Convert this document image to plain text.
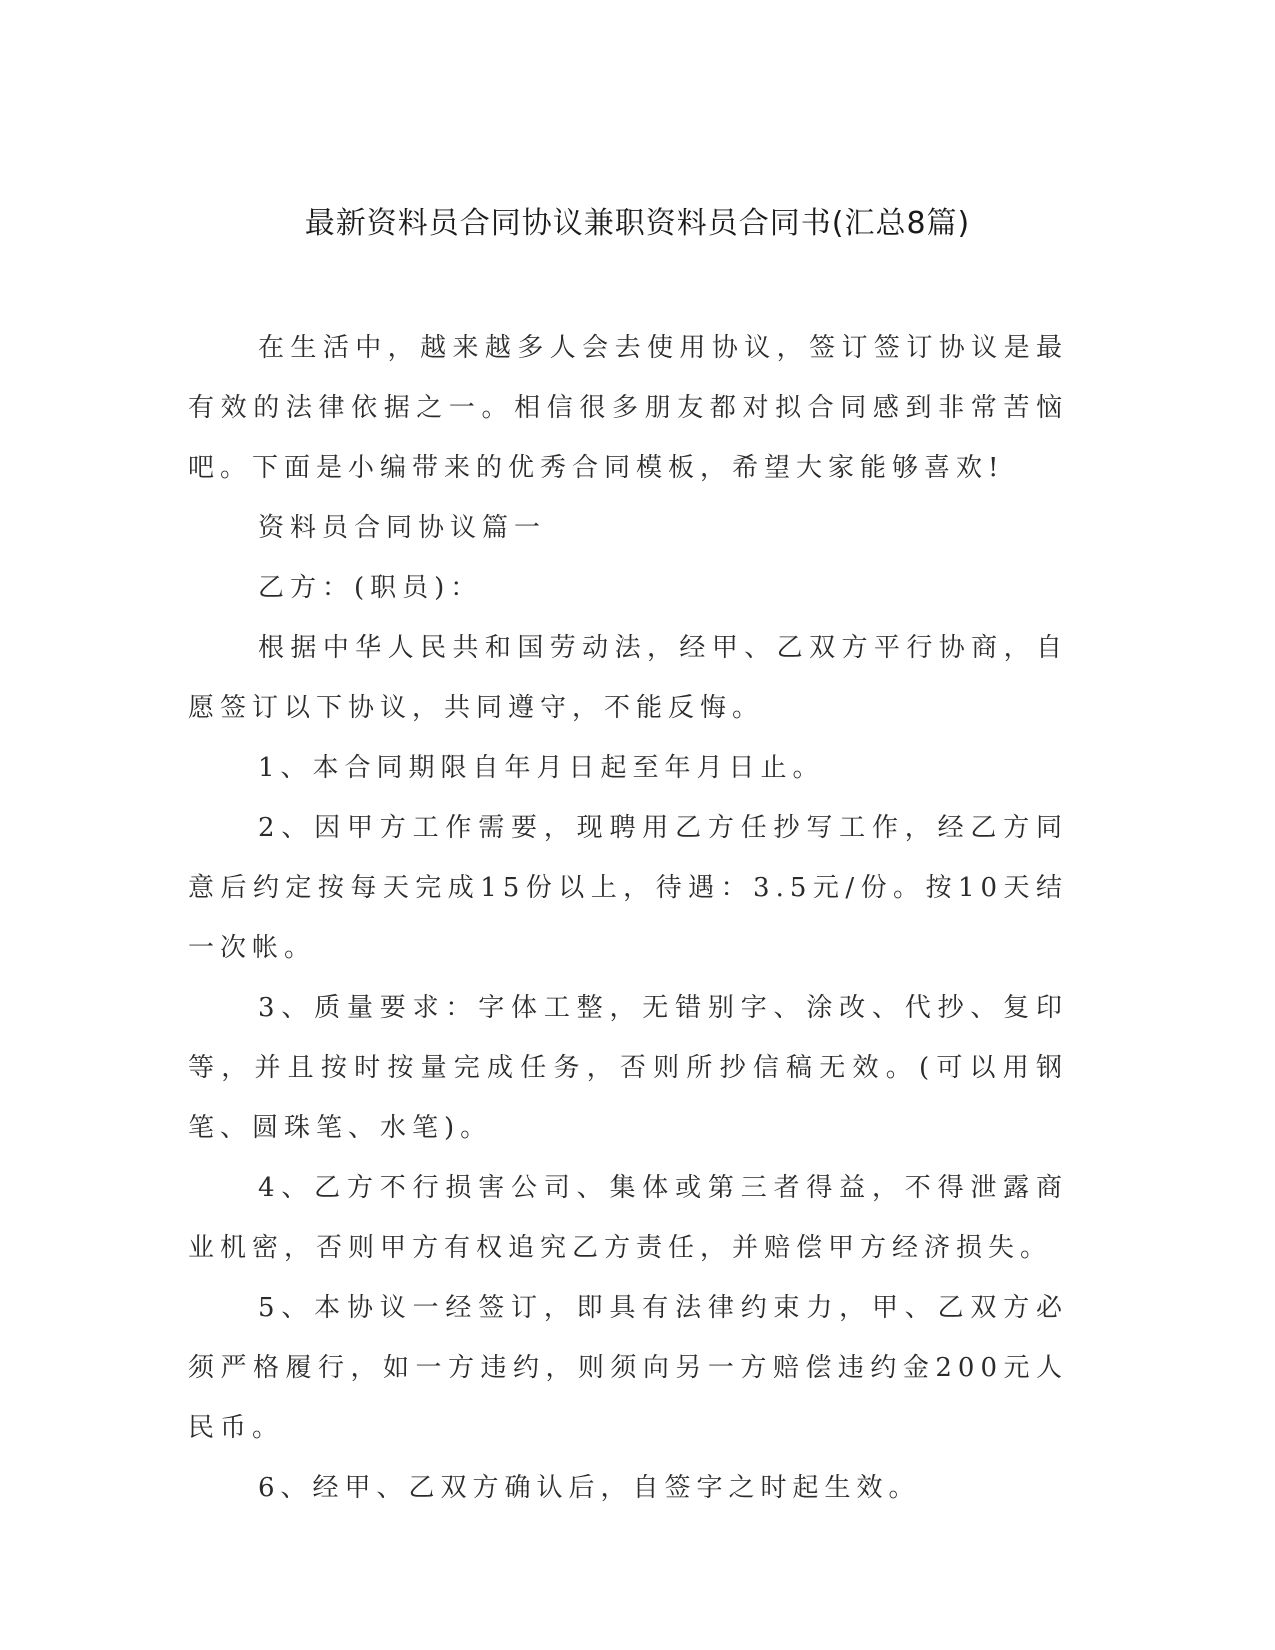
最新资料员合同协议兼职资料员合同书(汇总8篇)

在生活中，越来越多人会去使用协议，签订签订协议是最有效的法律依据之一。相信很多朋友都对拟合同感到非常苦恼吧。下面是小编带来的优秀合同模板，希望大家能够喜欢!

资料员合同协议篇一

乙方：(职员)：

根据中华人民共和国劳动法，经甲、乙双方平行协商，自愿签订以下协议，共同遵守，不能反悔。

1、本合同期限自年月日起至年月日止。

2、因甲方工作需要，现聘用乙方任抄写工作，经乙方同意后约定按每天完成15份以上，待遇：3.5元/份。按10天结一次帐。

3、质量要求：字体工整，无错别字、涂改、代抄、复印等，并且按时按量完成任务，否则所抄信稿无效。(可以用钢笔、圆珠笔、水笔)。

4、乙方不行损害公司、集体或第三者得益，不得泄露商业机密，否则甲方有权追究乙方责任，并赔偿甲方经济损失。

5、本协议一经签订，即具有法律约束力，甲、乙双方必须严格履行，如一方违约，则须向另一方赔偿违约金200元人民币。

6、经甲、乙双方确认后，自签字之时起生效。
